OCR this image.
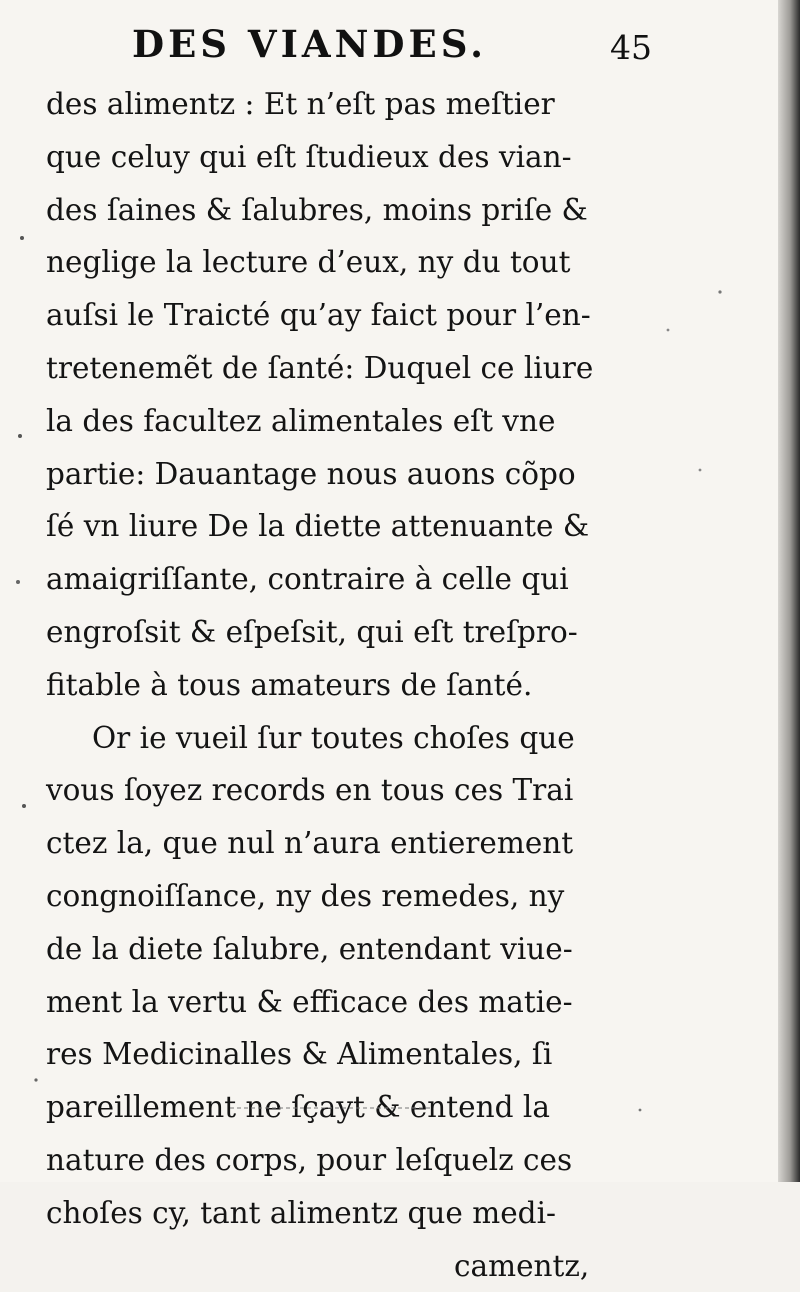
DES VIANDES.	45
des alimentz : Et n’eſt pas meſtier
que celuy qui eſt ſtudieux des vian-
des ſaines & ſalubres, moins priſe &
neglige la lecture d’eux, ny du tout
auſsi le Traicté qu’ay faict pour l’en-
tretenemẽt de ſanté: Duquel ce liure
la des facultez alimentales eſt vne
partie: Dauantage nous auons cõpo
ſé vn liure De la diette attenuante &
amaigriſſante, contraire à celle qui
engroſsit & eſpeſsit, qui eſt treſpro-
fitable à tous amateurs de ſanté.
Or ie vueil ſur toutes choſes que
vous ſoyez records en tous ces Trai
ctez la, que nul n’aura entierement
congnoiſſance, ny des remedes, ny
de la diete ſalubre, entendant viue-
ment la vertu & efficace des matie-
res Medicinalles & Alimentales, ſi
pareillement ne ſçayt & entend la
nature des corps, pour leſquelz ces
choſes cy, tant alimentz que medi-
camentz,
